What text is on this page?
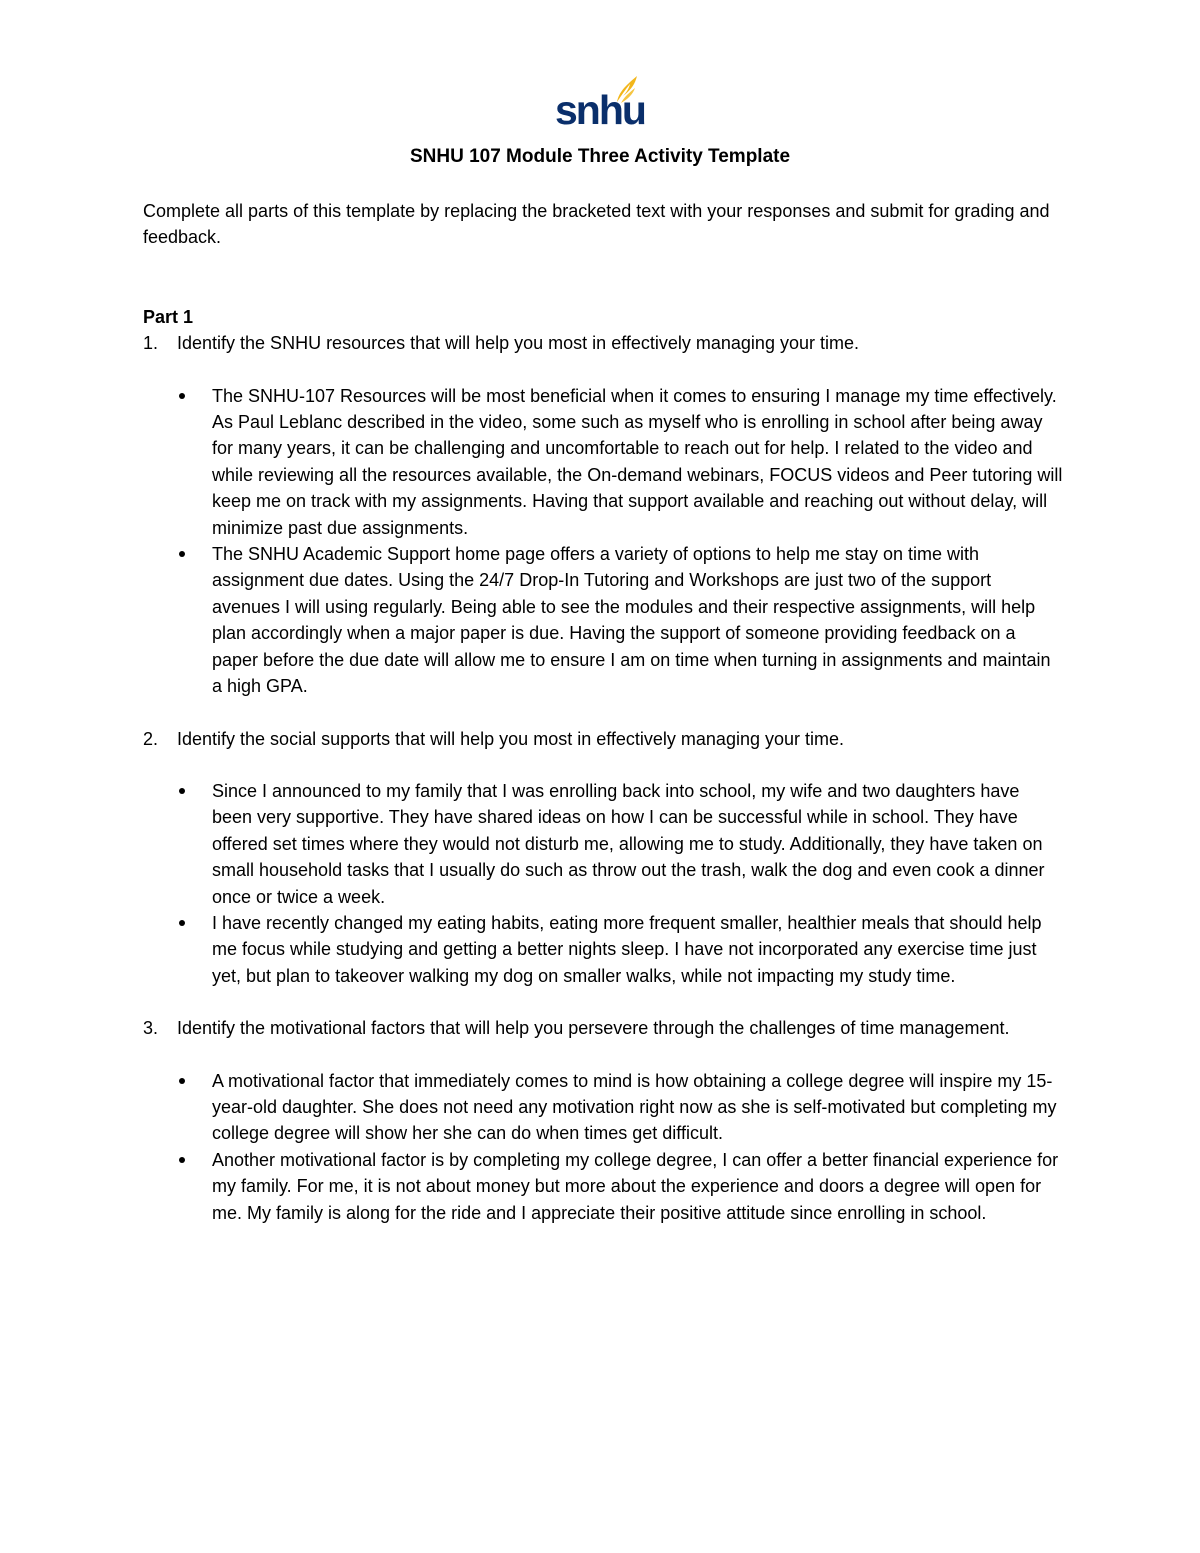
snhu
SNHU 107 Module Three Activity Template

Complete all parts of this template by replacing the bracketed text with your responses and submit for grading and feedback.

Part 1

1.	Identify the SNHU resources that will help you most in effectively managing your time.
The SNHU-107 Resources will be most beneficial when it comes to ensuring I manage my time effectively. As Paul Leblanc described in the video, some such as myself who is enrolling in school after being away for many years, it can be challenging and uncomfortable to reach out for help. I related to the video and while reviewing all the resources available, the On-demand webinars, FOCUS videos and Peer tutoring will keep me on track with my assignments. Having that support available and reaching out without delay, will minimize past due assignments.
The SNHU Academic Support home page offers a variety of options to help me stay on time with assignment due dates. Using the 24/7 Drop-In Tutoring and Workshops are just two of the support avenues I will using regularly. Being able to see the modules and their respective assignments, will help plan accordingly when a major paper is due. Having the support of someone providing feedback on a paper before the due date will allow me to ensure I am on time when turning in assignments and maintain a high GPA.
2.	Identify the social supports that will help you most in effectively managing your time.
Since I announced to my family that I was enrolling back into school, my wife and two daughters have been very supportive. They have shared ideas on how I can be successful while in school. They have offered set times where they would not disturb me, allowing me to study. Additionally, they have taken on small household tasks that I usually do such as throw out the trash, walk the dog and even cook a dinner once or twice a week.
I have recently changed my eating habits, eating more frequent smaller, healthier meals that should help me focus while studying and getting a better nights sleep. I have not incorporated any exercise time just yet, but plan to takeover walking my dog on smaller walks, while not impacting my study time.
3.	Identify the motivational factors that will help you persevere through the challenges of time management.
A motivational factor that immediately comes to mind is how obtaining a college degree will inspire my 15-year-old daughter. She does not need any motivation right now as she is self-motivated but completing my college degree will show her she can do when times get difficult.
Another motivational factor is by completing my college degree, I can offer a better financial experience for my family. For me, it is not about money but more about the experience and doors a degree will open for me. My family is along for the ride and I appreciate their positive attitude since enrolling in school.
